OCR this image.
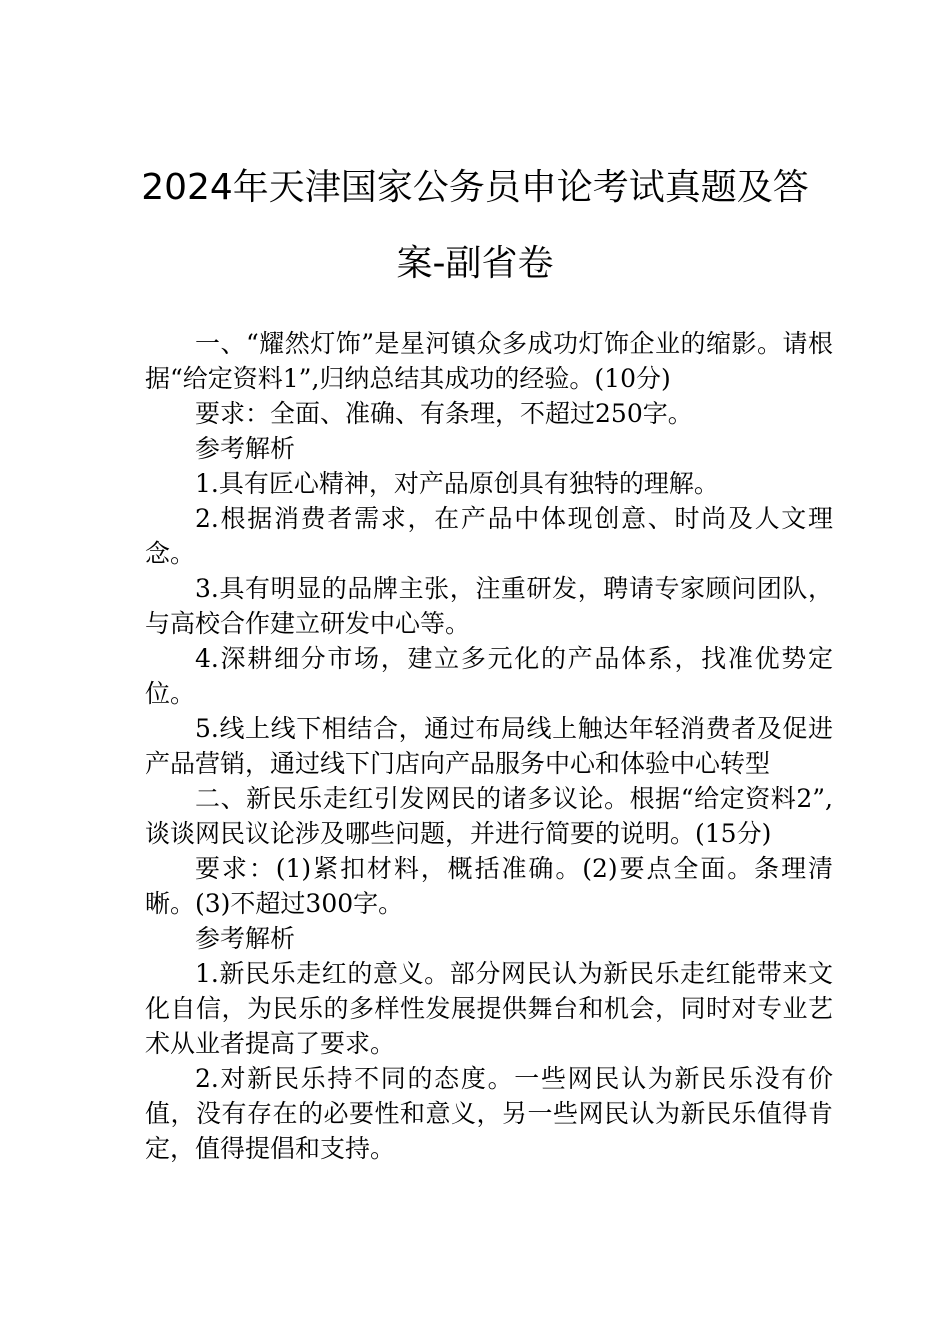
2024年天津国家公务员申论考试真题及答
案-副省卷

一、“耀然灯饰”是星河镇众多成功灯饰企业的缩影。请根据“给定资料1”,归纳总结其成功的经验。(10分)

要求：全面、准确、有条理，不超过250字。

参考解析

1.具有匠心精神，对产品原创具有独特的理解。

2.根据消费者需求，在产品中体现创意、时尚及人文理念。

3.具有明显的品牌主张，注重研发，聘请专家顾问团队，与高校合作建立研发中心等。

4.深耕细分市场，建立多元化的产品体系，找准优势定位。

5.线上线下相结合，通过布局线上触达年轻消费者及促进产品营销，通过线下门店向产品服务中心和体验中心转型

二、新民乐走红引发网民的诸多议论。根据“给定资料2”,谈谈网民议论涉及哪些问题，并进行简要的说明。(15分)

要求：(1)紧扣材料，概括准确。(2)要点全面。条理清晰。(3)不超过300字。

参考解析

1.新民乐走红的意义。部分网民认为新民乐走红能带来文化自信，为民乐的多样性发展提供舞台和机会，同时对专业艺术从业者提高了要求。

2.对新民乐持不同的态度。一些网民认为新民乐没有价值，没有存在的必要性和意义，另一些网民认为新民乐值得肯定，值得提倡和支持。
